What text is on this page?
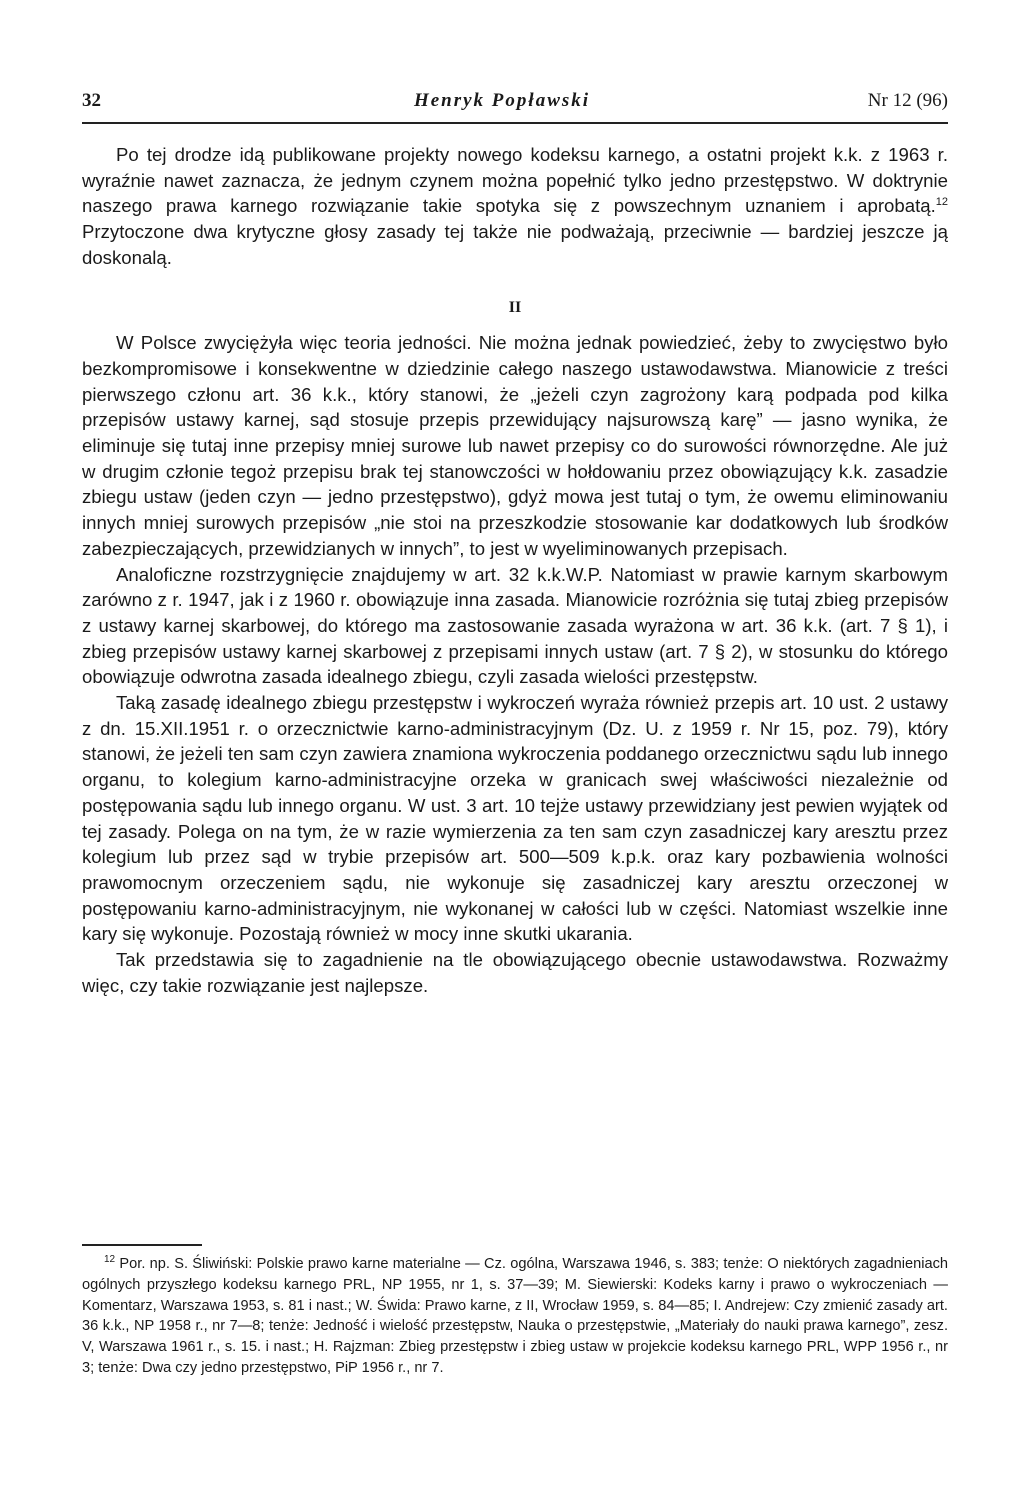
32	Henryk Popławski	Nr 12 (96)

Po tej drodze idą publikowane projekty nowego kodeksu karnego, a ostatni projekt k.k. z 1963 r. wyraźnie nawet zaznacza, że jednym czynem można popełnić tylko jedno przestępstwo. W doktrynie naszego prawa karnego rozwiązanie takie spotyka się z powszechnym uznaniem i aprobatą.$^{12}$ Przytoczone dwa krytyczne głosy zasady tej także nie podważają, przeciwnie — bardziej jeszcze ją doskonalą.

II

W Polsce zwyciężyła więc teoria jedności. Nie można jednak powiedzieć, żeby to zwycięstwo było bezkompromisowe i konsekwentne w dziedzinie całego naszego ustawodawstwa. Mianowicie z treści pierwszego członu art. 36 k.k., który stanowi, że „jeżeli czyn zagrożony karą podpada pod kilka przepisów ustawy karnej, sąd stosuje przepis przewidujący najsurowszą karę” — jasno wynika, że eliminuje się tutaj inne przepisy mniej surowe lub nawet przepisy co do surowości równorzędne. Ale już w drugim członie tegoż przepisu brak tej stanowczości w hołdowaniu przez obowiązujący k.k. zasadzie zbiegu ustaw (jeden czyn — jedno przestępstwo), gdyż mowa jest tutaj o tym, że owemu eliminowaniu innych mniej surowych przepisów „nie stoi na przeszkodzie stosowanie kar dodatkowych lub środków zabezpieczających, przewidzianych w innych”, to jest w wyeliminowanych przepisach.

Analoficzne rozstrzygnięcie znajdujemy w art. 32 k.k.W.P. Natomiast w prawie karnym skarbowym zarówno z r. 1947, jak i z 1960 r. obowiązuje inna zasada. Mianowicie rozróżnia się tutaj zbieg przepisów z ustawy karnej skarbowej, do którego ma zastosowanie zasada wyrażona w art. 36 k.k. (art. 7 § 1), i zbieg przepisów ustawy karnej skarbowej z przepisami innych ustaw (art. 7 § 2), w stosunku do którego obowiązuje odwrotna zasada idealnego zbiegu, czyli zasada wielości przestępstw.

Taką zasadę idealnego zbiegu przestępstw i wykroczeń wyraża również przepis art. 10 ust. 2 ustawy z dn. 15.XII.1951 r. o orzecznictwie karno-administracyjnym (Dz. U. z 1959 r. Nr 15, poz. 79), który stanowi, że jeżeli ten sam czyn zawiera znamiona wykroczenia poddanego orzecznictwu sądu lub innego organu, to kolegium karno-administracyjne orzeka w granicach swej właściwości niezależnie od postępowania sądu lub innego organu. W ust. 3 art. 10 tejże ustawy przewidziany jest pewien wyjątek od tej zasady. Polega on na tym, że w razie wymierzenia za ten sam czyn zasadniczej kary aresztu przez kolegium lub przez sąd w trybie przepisów art. 500—509 k.p.k. oraz kary pozbawienia wolności prawomocnym orzeczeniem sądu, nie wykonuje się zasadniczej kary aresztu orzeczonej w postępowaniu karno-administracyjnym, nie wykonanej w całości lub w części. Natomiast wszelkie inne kary się wykonuje. Pozostają również w mocy inne skutki ukarania.

Tak przedstawia się to zagadnienie na tle obowiązującego obecnie ustawodawstwa. Rozważmy więc, czy takie rozwiązanie jest najlepsze.

$^{12}$ Por. np. S. Śliwiński: Polskie prawo karne materialne — Cz. ogólna, Warszawa 1946, s. 383; tenże: O niektórych zagadnieniach ogólnych przyszłego kodeksu karnego PRL, NP 1955, nr 1, s. 37—39; M. Siewierski: Kodeks karny i prawo o wykroczeniach — Komentarz, Warszawa 1953, s. 81 i nast.; W. Świda: Prawo karne, z II, Wrocław 1959, s. 84—85; I. Andrejew: Czy zmienić zasady art. 36 k.k., NP 1958 r., nr 7—8; tenże: Jedność i wielość przestępstw, Nauka o przestępstwie, „Materiały do nauki prawa karnego”, zesz. V, Warszawa 1961 r., s. 15. i nast.; H. Rajzman: Zbieg przestępstw i zbieg ustaw w projekcie kodeksu karnego PRL, WPP 1956 r., nr 3; tenże: Dwa czy jedno przestępstwo, PiP 1956 r., nr 7.
